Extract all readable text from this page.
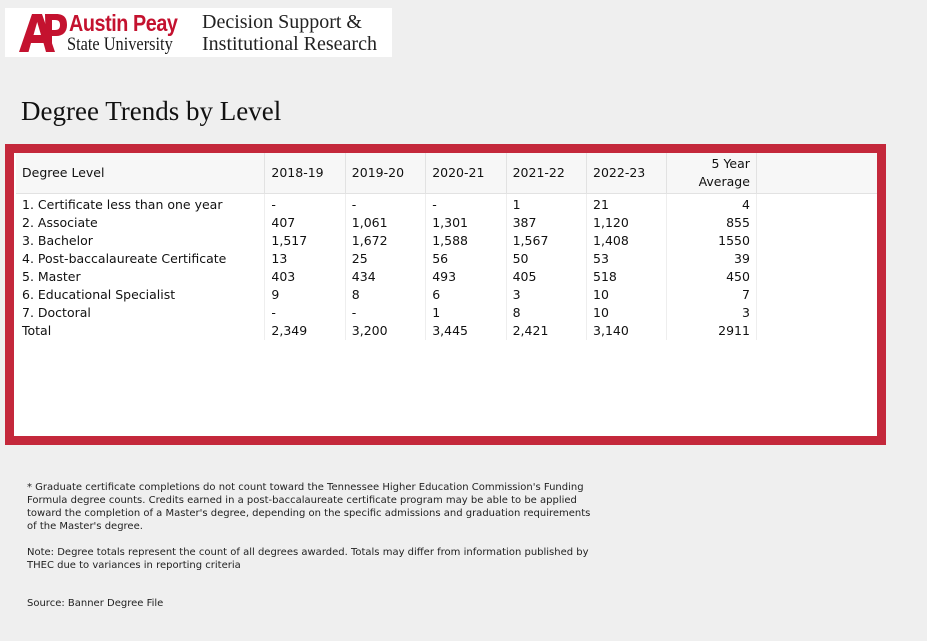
Austin Peay
State University
Decision Support &
Institutional Research
Degree Trends by Level
Degree Level	2018-19	2019-20	2020-21	2021-22	2022-23	5 Year
Average	
1. Certificate less than one year	-	-	-	1	21	4	
2. Associate	407	1,061	1,301	387	1,120	855	
3. Bachelor	1,517	1,672	1,588	1,567	1,408	1550	
4. Post-baccalaureate Certificate	13	25	56	50	53	39	
5. Master	403	434	493	405	518	450	
6. Educational Specialist	9	8	6	3	10	7	
7. Doctoral	-	-	1	8	10	3	
Total	2,349	3,200	3,445	2,421	3,140	2911	

* Graduate certificate completions do not count toward the Tennessee Higher Education Commission's Funding Formula degree counts. Credits earned in a post-baccalaureate certificate program may be able to be applied toward the completion of a Master's degree, depending on the specific admissions and graduation requirements of the Master's degree.

Note: Degree totals represent the count of all degrees awarded. Totals may differ from information published by THEC due to variances in reporting criteria

Source: Banner Degree File
